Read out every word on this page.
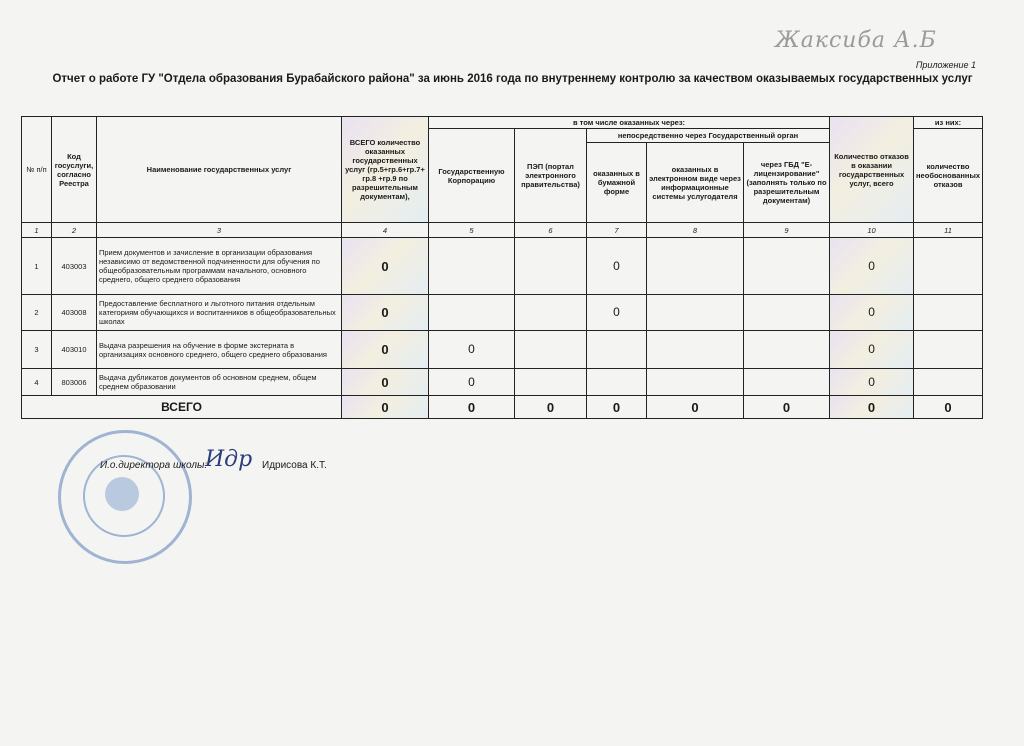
Жаксиба А.Б
Приложение 1
Отчет о работе ГУ "Отдела образования Бурабайского района" за июнь 2016 года по внутреннему контролю за качеством оказываемых государственных услуг
№ п/п	Код госуслуги, согласно Реестра	Наименование государственных услуг	ВСЕГО количество оказанных государственных услуг (гр.5+гр.6+гр.7+ гр.8 +гр.9 по разрешительным документам),	в том числе оказанных через:					Количество отказов в оказании государственных услуг, всего	из них:
				Государственную Корпорацию	ПЭП (портал электронного правительства)	непосредственно через Государственный орган				количество необоснованных отказов
						оказанных в бумажной форме	оказанных в электронном виде через информационные системы услугодателя	через ГБД "Е-лицензирование" (заполнять только по разрешительным документам)		
1	2	3	4	5	6	7	8	9	10	11
1	403003	Прием документов и зачисление в организации образования независимо от ведомственной подчиненности для обучения по общеобразовательным программам начального, основного среднего, общего среднего образования	0			0			0	
2	403008	Предоставление бесплатного и льготного питания отдельным категориям обучающихся и воспитанников в общеобразовательных школах	0			0			0	
3	403010	Выдача разрешения на обучение в форме экстерната в организациях основного среднего, общего среднего образования	0	0					0	
4	803006	Выдача дубликатов документов об основном среднем, общем среднем образовании	0	0					0	
ВСЕГО			0	0	0	0	0	0	0	0
И.о.директора школы:
Идр Идрисова К.Т.
